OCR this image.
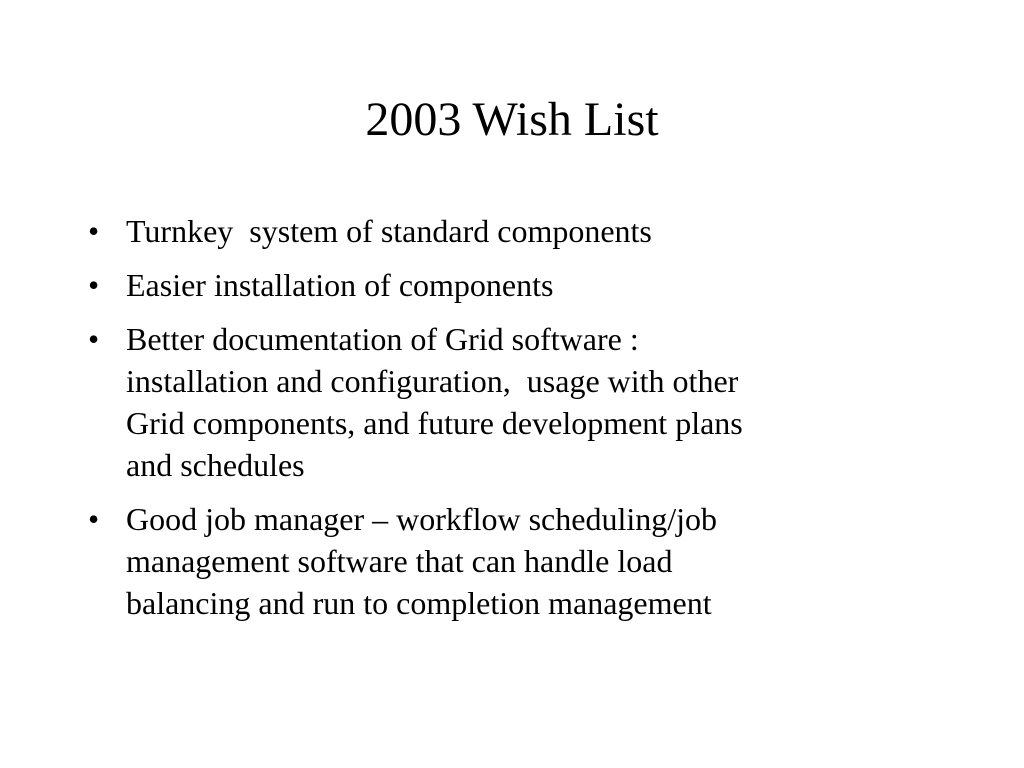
2003 Wish List
• Turnkey  system of standard components
• Easier installation of components
• Better documentation of Grid software :
installation and configuration,  usage with other
Grid components, and future development plans
and schedules
• Good job manager – workflow scheduling/job
management software that can handle load
balancing and run to completion management
